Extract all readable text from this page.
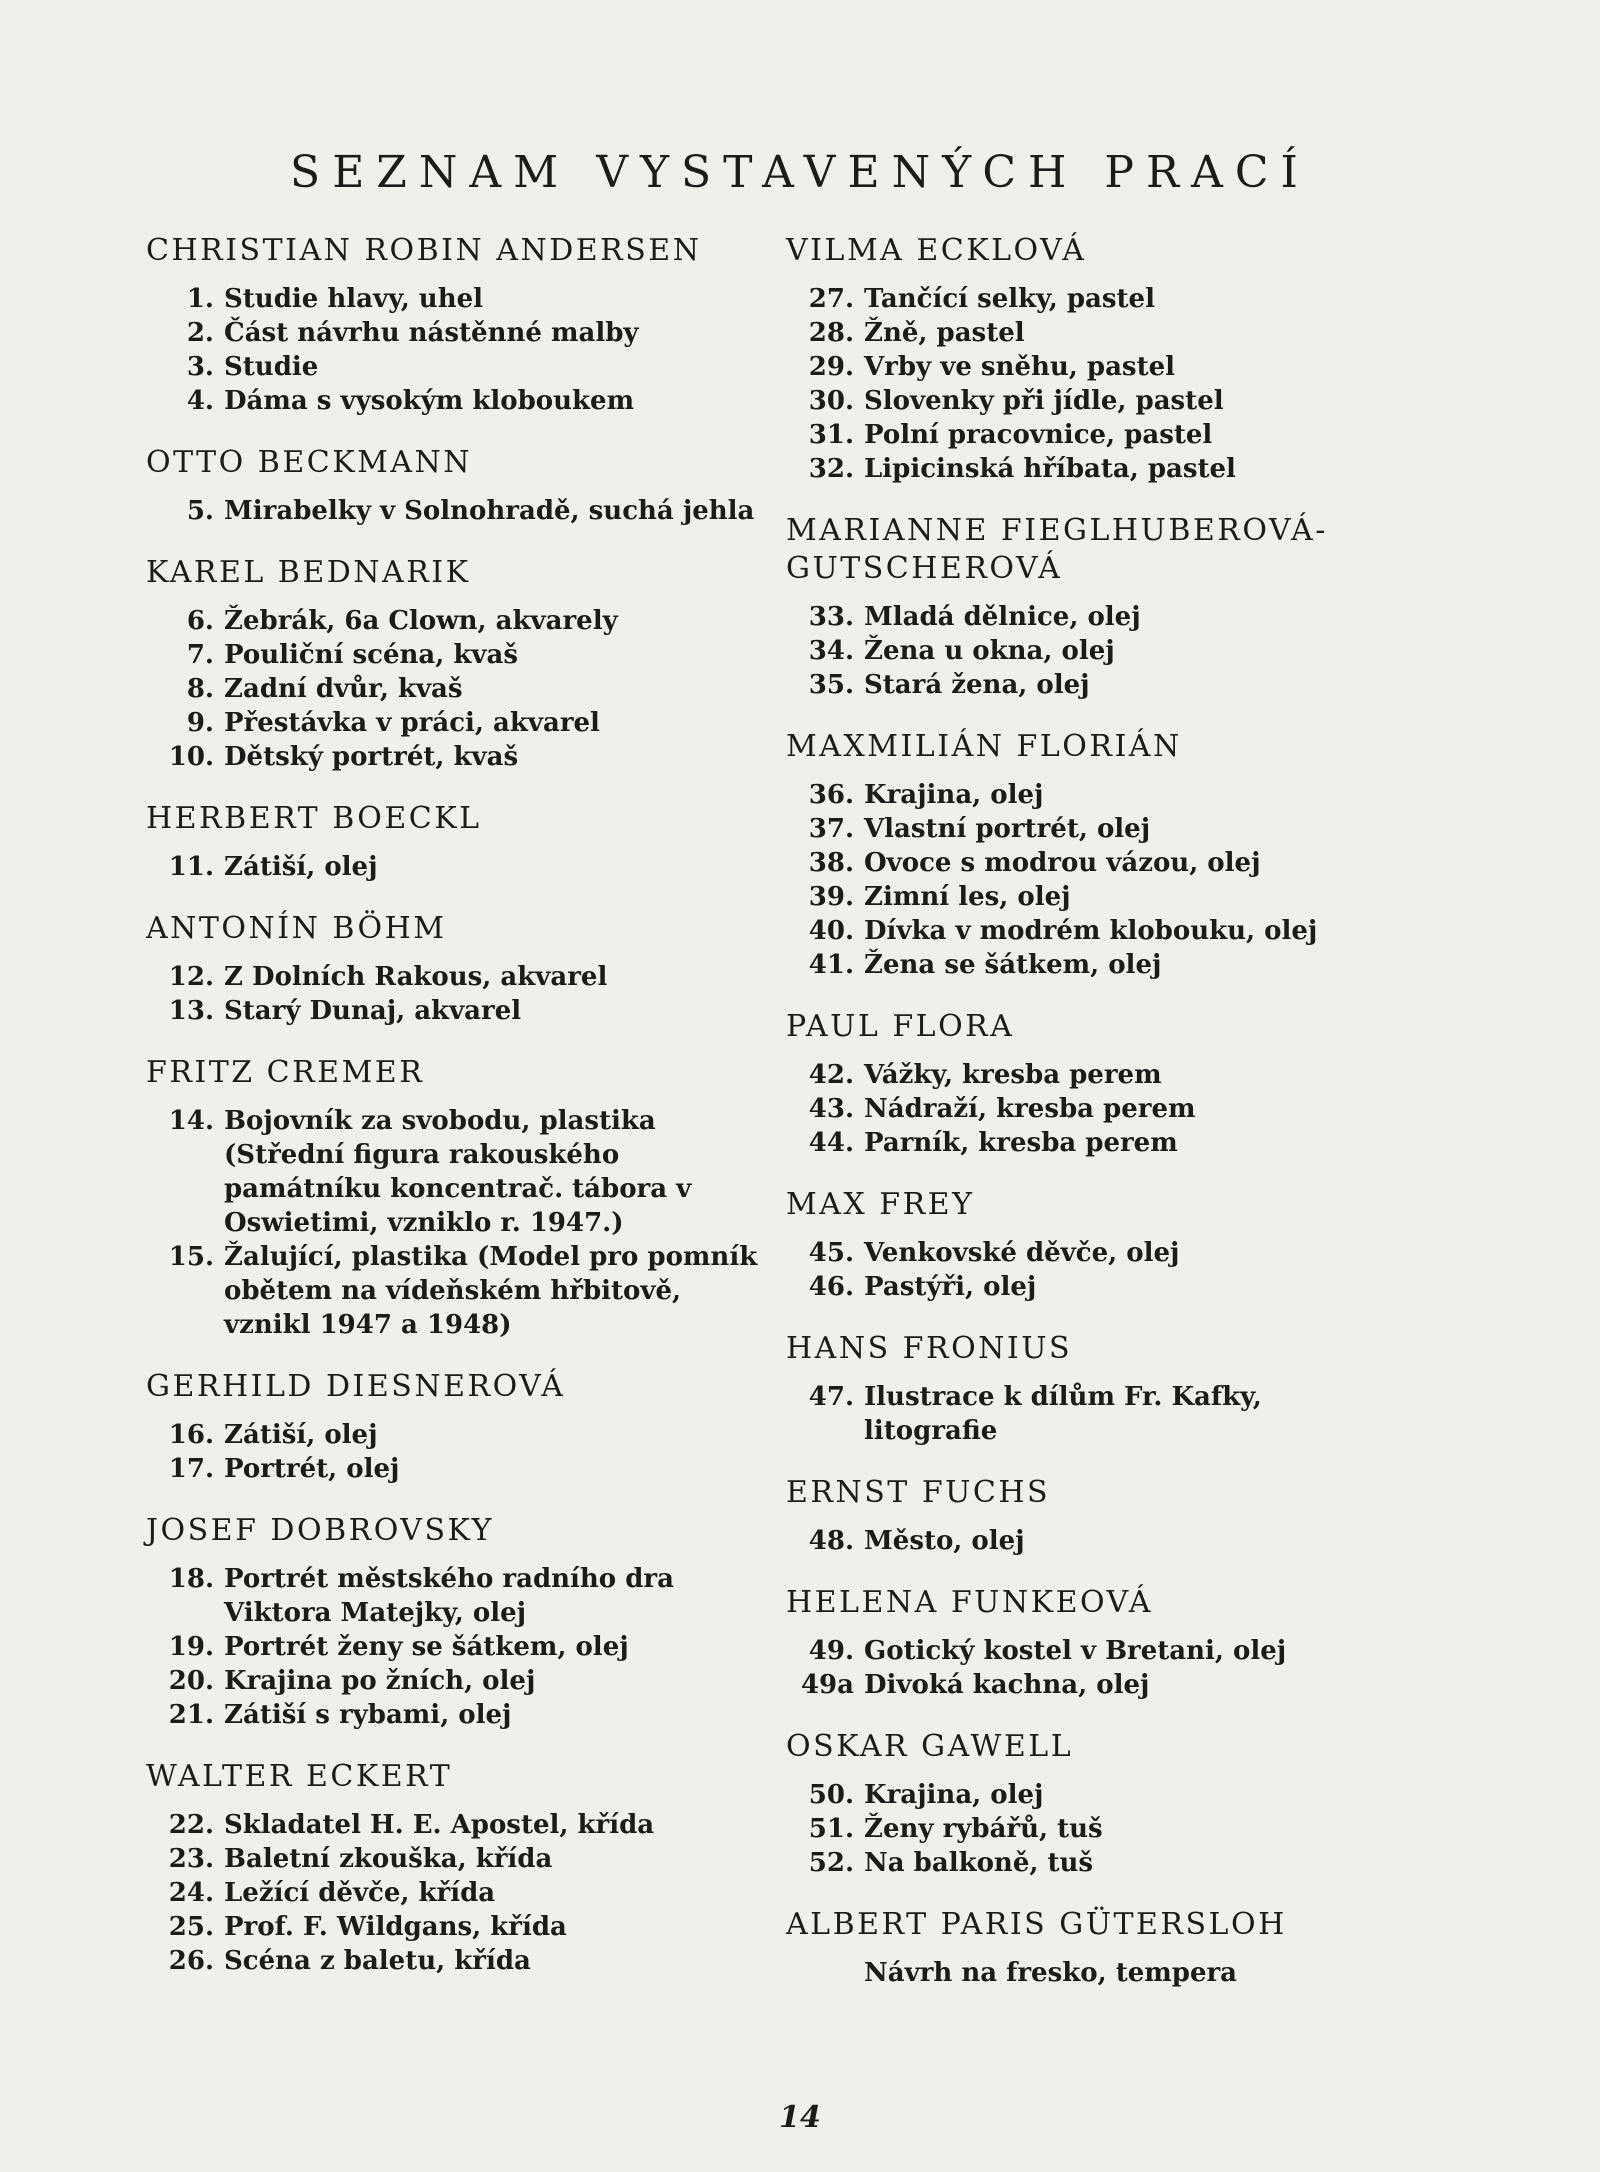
SEZNAM VYSTAVENÝCH PRACÍ
CHRISTIAN ROBIN ANDERSEN
1. Studie hlavy, uhel
2. Část návrhu nástěnné malby
3. Studie
4. Dáma s vysokým kloboukem
OTTO BECKMANN
5. Mirabelky v Solnohradě, suchá jehla
KAREL BEDNARIK
6. Žebrák, 6a Clown, akvarely
7. Pouliční scéna, kvaš
8. Zadní dvůr, kvaš
9. Přestávka v práci, akvarel
10. Dětský portrét, kvaš
HERBERT BOECKL
11. Zátiší, olej
ANTONÍN BÖHM
12. Z Dolních Rakous, akvarel
13. Starý Dunaj, akvarel
FRITZ CREMER
14. Bojovník za svobodu, plastika (Střední figura rakouského památníku koncentrač. tábora v Oswietimi, vzniklo r. 1947.)
15. Žalující, plastika (Model pro pomník obětem na vídeňském hřbitově, vznikl 1947 a 1948)
GERHILD DIESNEROVÁ
16. Zátiší, olej
17. Portrét, olej
JOSEF DOBROVSKY
18. Portrét městského radního dra Viktora Matejky, olej
19. Portrét ženy se šátkem, olej
20. Krajina po žních, olej
21. Zátiší s rybami, olej
WALTER ECKERT
22. Skladatel H. E. Apostel, křída
23. Baletní zkouška, křída
24. Ležící děvče, křída
25. Prof. F. Wildgans, křída
26. Scéna z baletu, křída
VILMA ECKLOVÁ
27. Tančící selky, pastel
28. Žně, pastel
29. Vrby ve sněhu, pastel
30. Slovenky při jídle, pastel
31. Polní pracovnice, pastel
32. Lipicinská hříbata, pastel
MARIANNE FIEGLHUBEROVÁ-GUTSCHEROVÁ
33. Mladá dělnice, olej
34. Žena u okna, olej
35. Stará žena, olej
MAXMILIÁN FLORIÁN
36. Krajina, olej
37. Vlastní portrét, olej
38. Ovoce s modrou vázou, olej
39. Zimní les, olej
40. Dívka v modrém klobouku, olej
41. Žena se šátkem, olej
PAUL FLORA
42. Vážky, kresba perem
43. Nádraží, kresba perem
44. Parník, kresba perem
MAX FREY
45. Venkovské děvče, olej
46. Pastýři, olej
HANS FRONIUS
47. Ilustrace k dílům Fr. Kafky, litografie
ERNST FUCHS
48. Město, olej
HELENA FUNKEOVÁ
49. Gotický kostel v Bretani, olej
49a Divoká kachna, olej
OSKAR GAWELL
50. Krajina, olej
51. Ženy rybářů, tuš
52. Na balkoně, tuš
ALBERT PARIS GÜTERSLOH
Návrh na fresko, tempera
14
